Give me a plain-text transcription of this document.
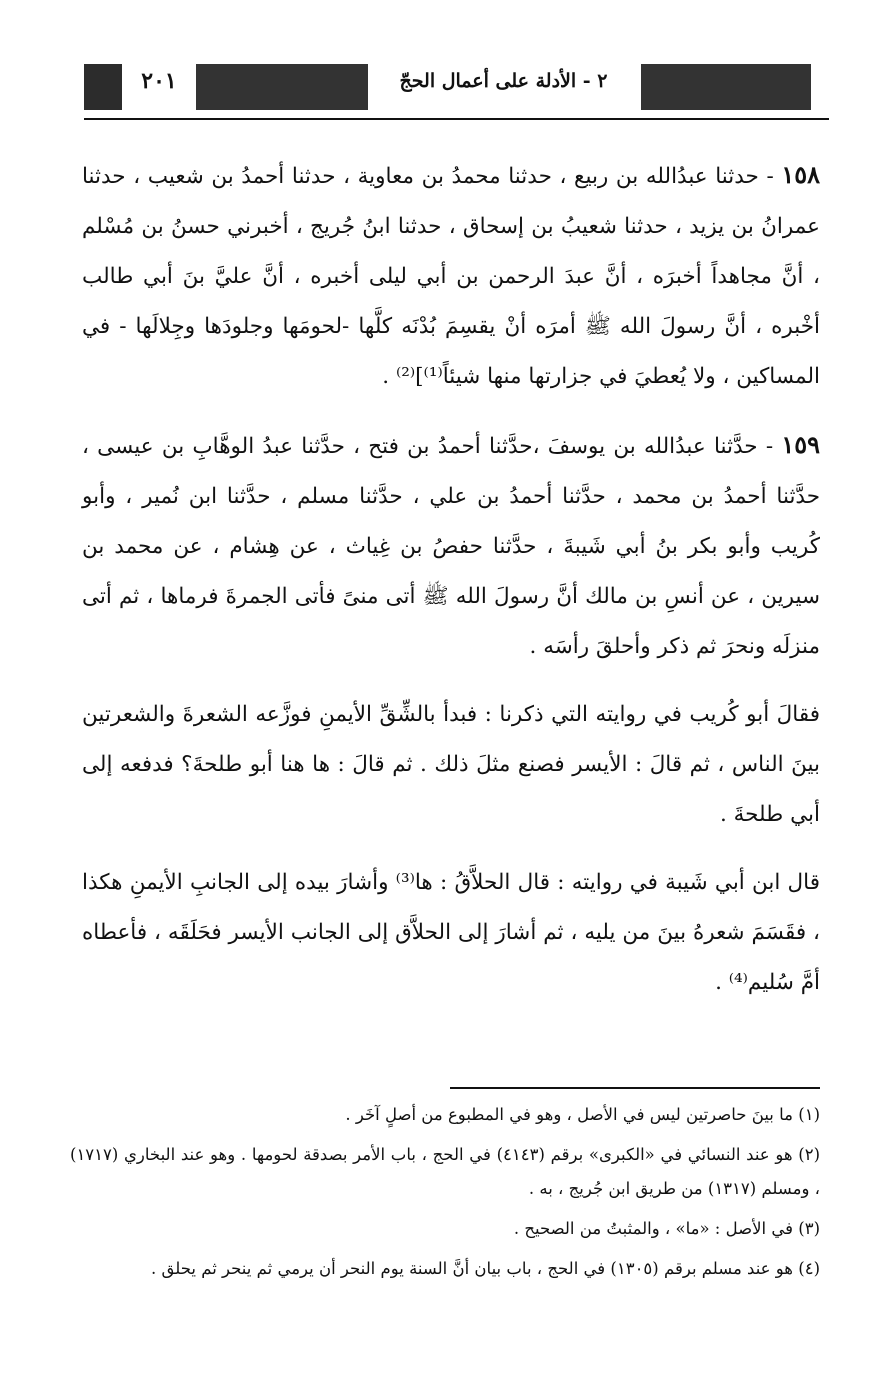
٢ - الأدلة على أعمال الحجّ
٢٠١

١٥٨ - حدثنا عبدُالله بن ربيع ، حدثنا محمدُ بن معاوية ، حدثنا أحمدُ بن شعيب ، حدثنا عمرانُ بن يزيد ، حدثنا شعيبُ بن إسحاق ، حدثنا ابنُ جُريج ، أخبرني حسنُ بن مُسْلم ، أنَّ مجاهداً أخبرَه ، أنَّ عبدَ الرحمن بن أبي ليلى أخبره ، أنَّ عليَّ بنَ أبي طالب أخْبره ، أنَّ رسولَ الله ﷺ أمرَه أنْ يقسِمَ بُدْنَه كلَّها -لحومَها وجلودَها وجِلالَها - في المساكين ، ولا يُعطيَ في جزارتها منها شيئاً⁽¹⁾]⁽²⁾ .

١٥٩ - حدَّثنا عبدُالله بن يوسفَ ،حدَّثنا أحمدُ بن فتح ، حدَّثنا عبدُ الوهَّابِ بن عيسى ، حدَّثنا أحمدُ بن محمد ، حدَّثنا أحمدُ بن علي ، حدَّثنا مسلم ، حدَّثنا ابن نُمير ، وأبو كُريب وأبو بكر بنُ أبي شَيبةَ ، حدَّثنا حفصُ بن غِياث ، عن هِشام ، عن محمد بن سيرين ، عن أنسِ بن مالك أنَّ رسولَ الله ﷺ أتى منىً فأتى الجمرةَ فرماها ، ثم أتى منزلَه ونحرَ ثم ذكر وأحلقَ رأسَه .

فقالَ أبو كُريب في روايته التي ذكرنا : فبدأ بالشِّقِّ الأيمنِ فوزَّعه الشعرةَ والشعرتين بينَ الناس ، ثم قالَ : الأيسر فصنع مثلَ ذلك . ثم قالَ : ها هنا أبو طلحةَ؟ فدفعه إلى أبي طلحةَ .

قال ابن أبي شَيبة في روايته : قال الحلاَّقُ : ها⁽³⁾ وأشارَ بيده إلى الجانبِ الأيمنِ هكذا ، فقَسَمَ شعرهُ بينَ من يليه ، ثم أشارَ إلى الحلاَّق إلى الجانب الأيسر فحَلَقَه ، فأعطاه أمَّ سُليم⁽⁴⁾ .

(١) ما بينَ حاصرتين ليس في الأصل ، وهو في المطبوع من أصلٍ آخَر .

(٢) هو عند النسائي في «الكبرى» برقم (٤١٤٣) في الحج ، باب الأمر بصدقة لحومها . وهو عند البخاري (١٧١٧) ، ومسلم (١٣١٧) من طريق ابن جُريج ، به .

(٣) في الأصل : «ما» ، والمثبتُ من الصحيح .

(٤) هو عند مسلم برقم (١٣٠٥) في الحج ، باب بيان أنَّ السنة يوم النحر أن يرمي ثم ينحر ثم يحلق .
